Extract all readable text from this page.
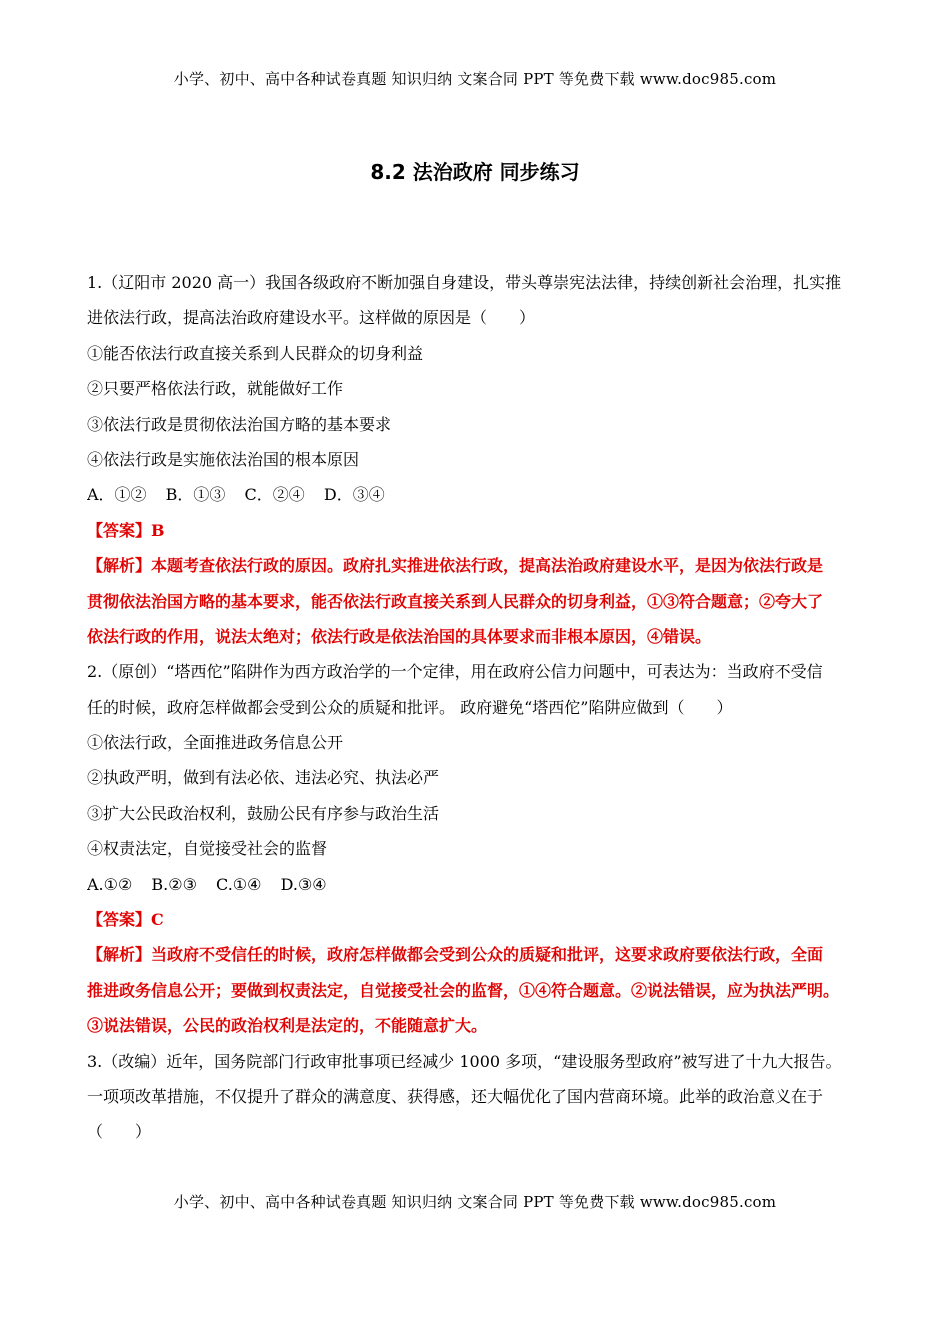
小学、初中、高中各种试卷真题 知识归纳 文案合同 PPT 等免费下载 www.doc985.com
8.2 法治政府 同步练习
1.（辽阳市 2020 高一）我国各级政府不断加强自身建设，带头尊崇宪法法律，持续创新社会治理，扎实推
进依法行政，提高法治政府建设水平。这样做的原因是（　　）
①能否依法行政直接关系到人民群众的切身利益
②只要严格依法行政，就能做好工作
③依法行政是贯彻依法治国方略的基本要求
④依法行政是实施依法治国的根本原因
A．①② B．①③ C．②④ D．③④
【答案】B
【解析】本题考查依法行政的原因。政府扎实推进依法行政，提高法治政府建设水平，是因为依法行政是
贯彻依法治国方略的基本要求，能否依法行政直接关系到人民群众的切身利益，①③符合题意；②夸大了
依法行政的作用，说法太绝对；依法行政是依法治国的具体要求而非根本原因，④错误。
2.（原创）“塔西佗”陷阱作为西方政治学的一个定律，用在政府公信力问题中，可表达为：当政府不受信
任的时候，政府怎样做都会受到公众的质疑和批评。 政府避免“塔西佗”陷阱应做到（　　）
①依法行政，全面推进政务信息公开
②执政严明，做到有法必依、违法必究、执法必严
③扩大公民政治权利，鼓励公民有序参与政治生活
④权责法定，自觉接受社会的监督
A.①② B.②③ C.①④ D.③④
【答案】C
【解析】当政府不受信任的时候，政府怎样做都会受到公众的质疑和批评，这要求政府要依法行政，全面
推进政务信息公开；要做到权责法定，自觉接受社会的监督，①④符合题意。②说法错误，应为执法严明。
③说法错误，公民的政治权利是法定的，不能随意扩大。
3.（改编）近年，国务院部门行政审批事项已经减少 1000 多项，“建设服务型政府”被写进了十九大报告。
一项项改革措施，不仅提升了群众的满意度、获得感，还大幅优化了国内营商环境。此举的政治意义在于
（　　）
小学、初中、高中各种试卷真题 知识归纳 文案合同 PPT 等免费下载 www.doc985.com
